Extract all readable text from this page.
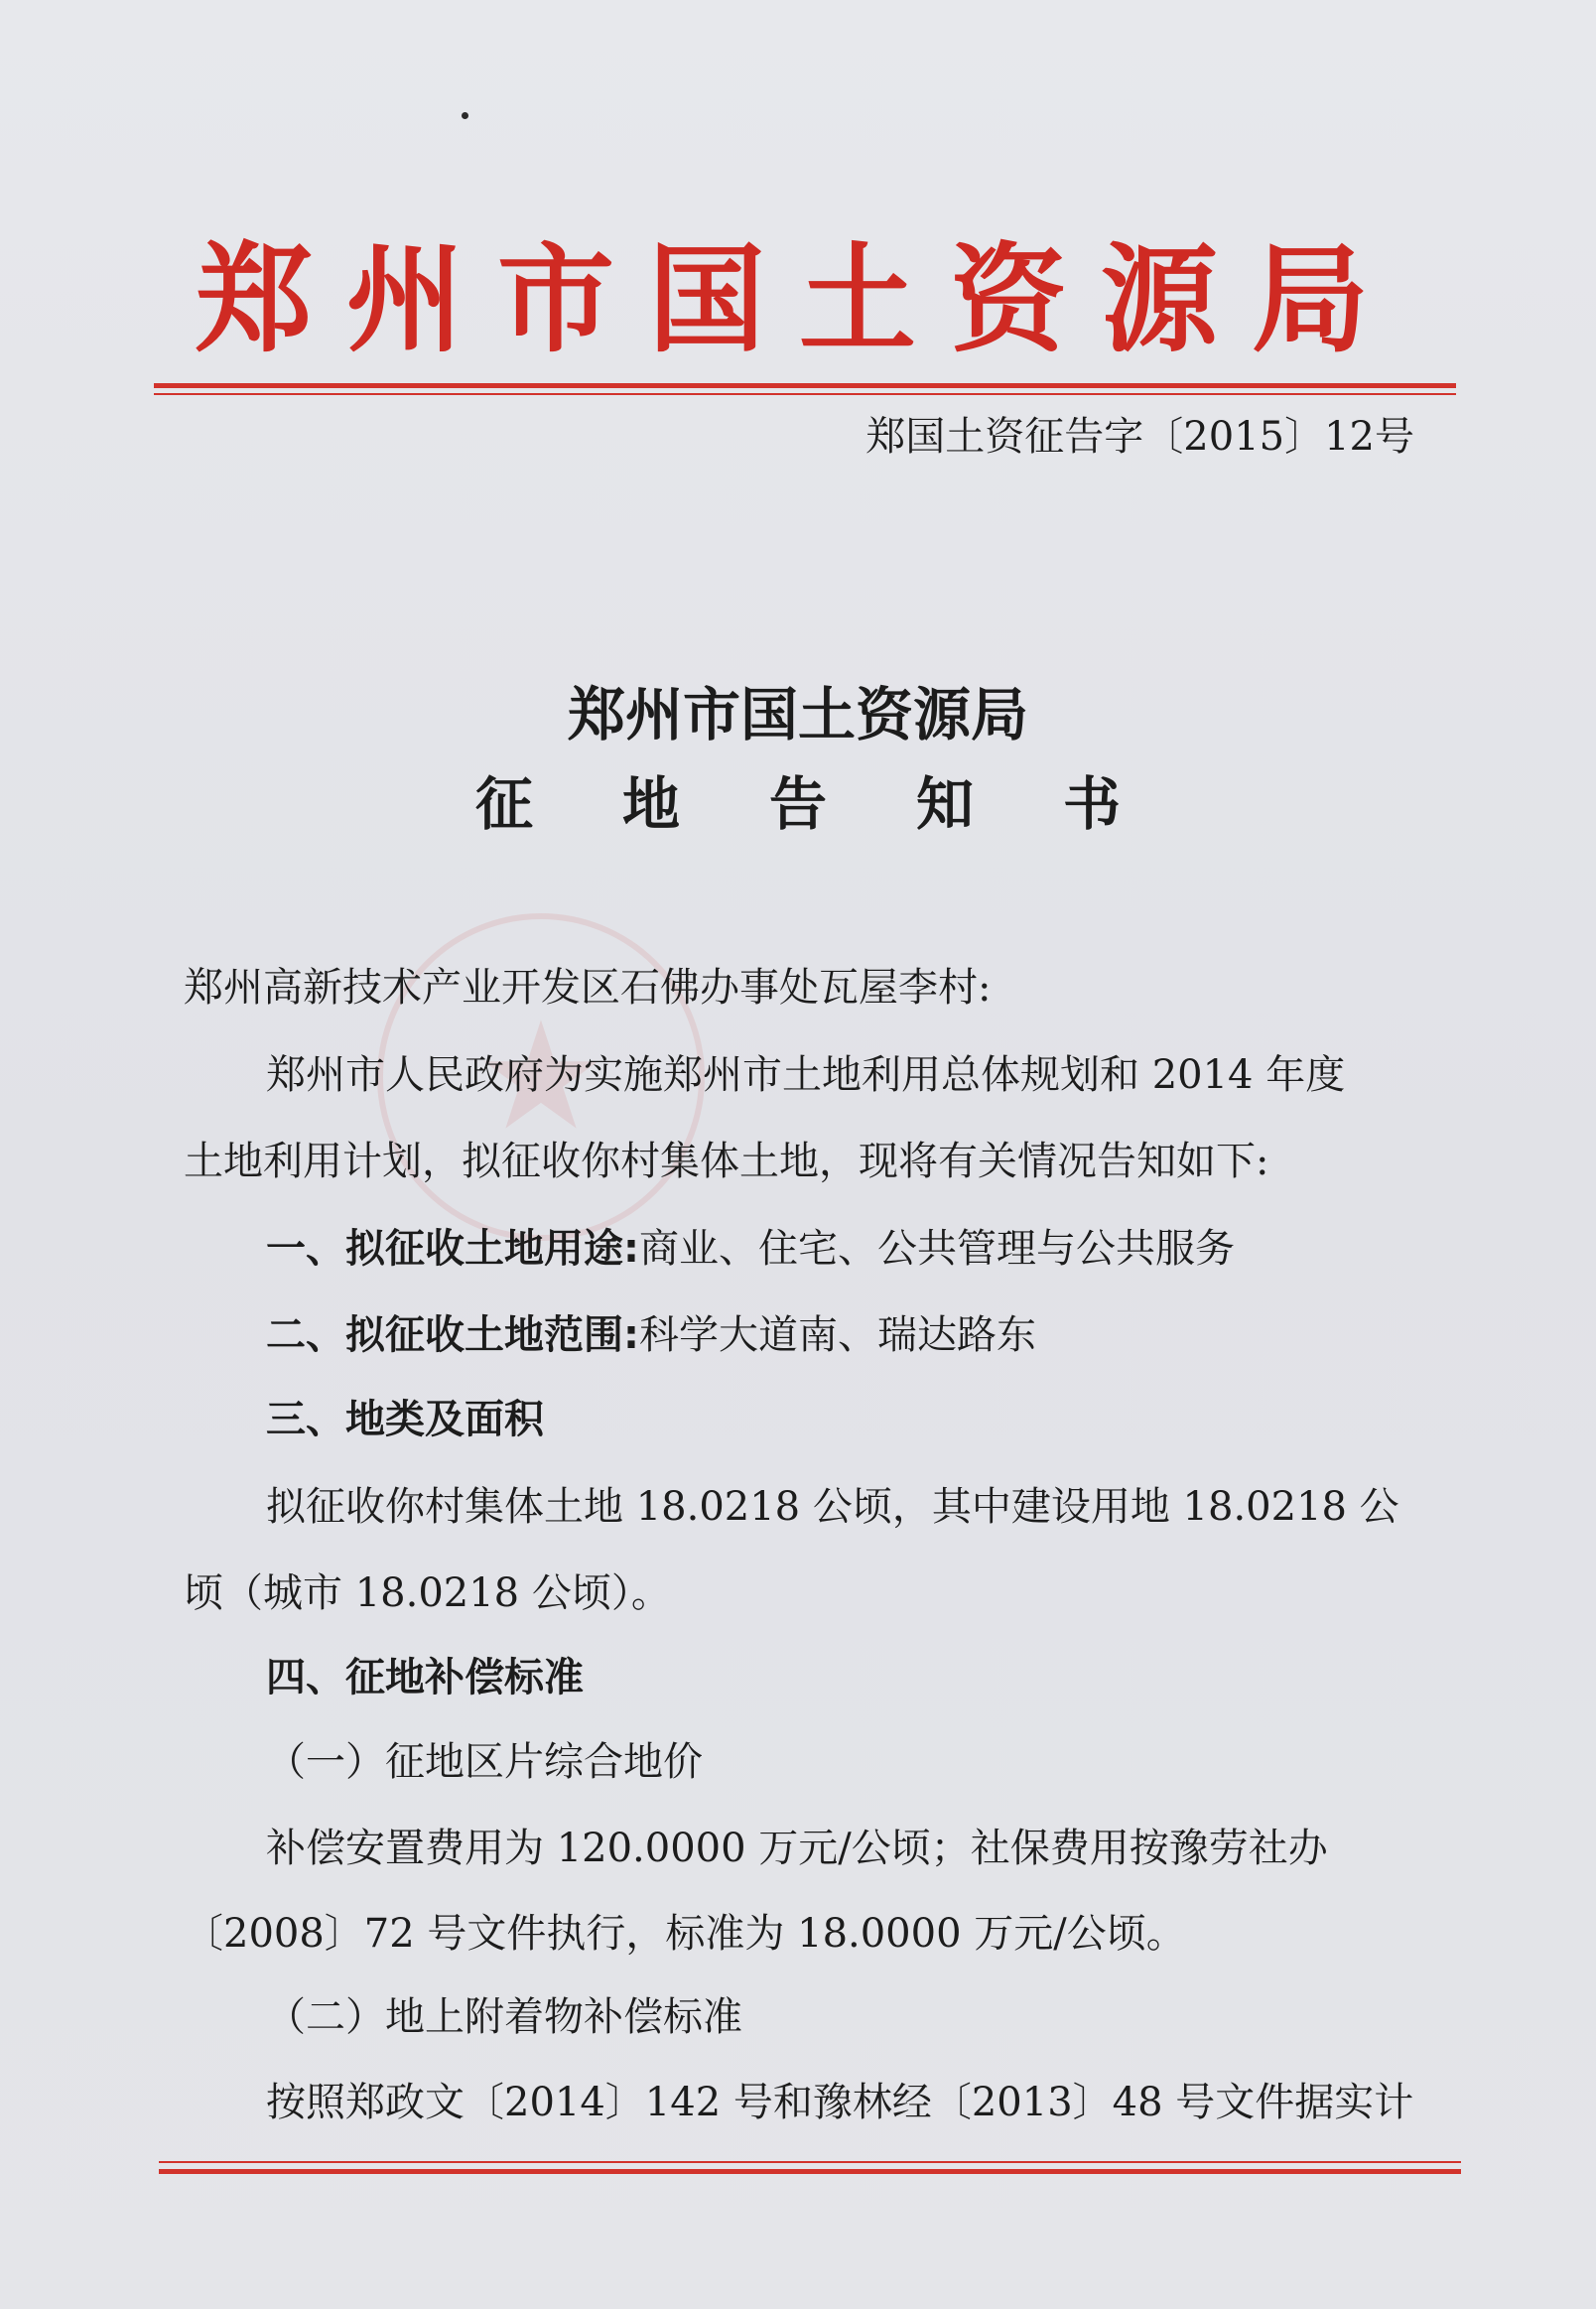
郑州市国土资源局
郑国土资征告字〔2015〕12号
★
郑州市国土资源局
征地告知书
郑州高新技术产业开发区石佛办事处瓦屋李村:
郑州市人民政府为实施郑州市土地利用总体规划和 2014 年度
土地利用计划，拟征收你村集体土地，现将有关情况告知如下:
一、拟征收土地用途:商业、住宅、公共管理与公共服务
二、拟征收土地范围:科学大道南、瑞达路东
三、地类及面积
拟征收你村集体土地 18.0218 公顷，其中建设用地 18.0218 公
顷（城市 18.0218 公顷）。
四、征地补偿标准
（一）征地区片综合地价
补偿安置费用为 120.0000 万元/公顷；社保费用按豫劳社办
〔2008〕72 号文件执行，标准为 18.0000 万元/公顷。
（二）地上附着物补偿标准
按照郑政文〔2014〕142 号和豫林经〔2013〕48 号文件据实计
